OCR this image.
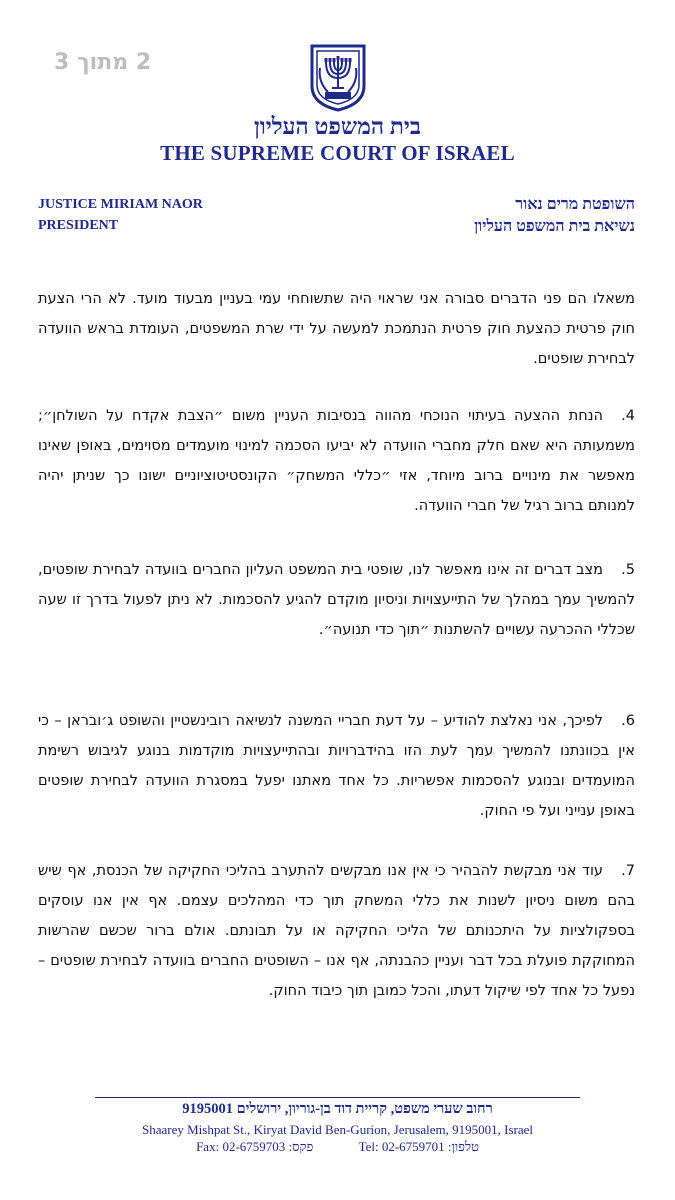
2 מתוך 3
בית המשפט העליון
THE SUPREME COURT OF ISRAEL
JUSTICE MIRIAM NAOR
PRESIDENT
השופטת מרים נאור
נשיאת בית המשפט העליון
משאלו הם פני הדברים סבורה אני שראוי היה שתשוחחי עמי בעניין מבעוד מועד. לא הרי הצעת חוק פרטית כהצעת חוק פרטית הנתמכת למעשה על ידי שרת המשפטים, העומדת בראש הוועדה לבחירת שופטים.
4.הנחת ההצעה בעיתוי הנוכחי מהווה בנסיבות העניין משום ״הצבת אקדח על השולחן״; משמעותה היא שאם חלק מחברי הוועדה לא יביעו הסכמה למינוי מועמדים מסוימים, באופן שאינו מאפשר את מינויים ברוב מיוחד, אזי ״כללי המשחק״ הקונסטיטוציוניים ישונו כך שניתן יהיה למנותם ברוב רגיל של חברי הוועדה.
5.מצב דברים זה אינו מאפשר לנו, שופטי בית המשפט העליון החברים בוועדה לבחירת שופטים, להמשיך עמך במהלך של התייעצויות וניסיון מוקדם להגיע להסכמות. לא ניתן לפעול בדרך זו שעה שכללי ההכרעה עשויים להשתנות ״תוך כדי תנועה״.
6.לפיכך, אני נאלצת להודיע – על דעת חבריי המשנה לנשיאה רובינשטיין והשופט ג׳ובראן – כי אין בכוונתנו להמשיך עמך לעת הזו בהידברויות ובהתייעצויות מוקדמות בנוגע לגיבוש רשימת המועמדים ובנוגע להסכמות אפשריות. כל אחד מאתנו יפעל במסגרת הוועדה לבחירת שופטים באופן ענייני ועל פי החוק.
7.עוד אני מבקשת להבהיר כי אין אנו מבקשים להתערב בהליכי החקיקה של הכנסת, אף שיש בהם משום ניסיון לשנות את כללי המשחק תוך כדי המהלכים עצמם. אף אין אנו עוסקים בספקולציות על היתכנותם של הליכי החקיקה או על תבונתם. אולם ברור שכשם שהרשות המחוקקת פועלת בכל דבר ועניין כהבנתה, אף אנו – השופטים החברים בוועדה לבחירת שופטים – נפעל כל אחד לפי שיקול דעתו, והכל כמובן תוך כיבוד החוק.
רחוב שערי משפט, קריית דוד בן-גוריון, ירושלים 9195001
Shaarey Mishpat St., Kiryat David Ben-Gurion, Jerusalem, 9195001, Israel
Fax: 02-6759703 :פקס	Tel: 02-6759701 :טלפון
